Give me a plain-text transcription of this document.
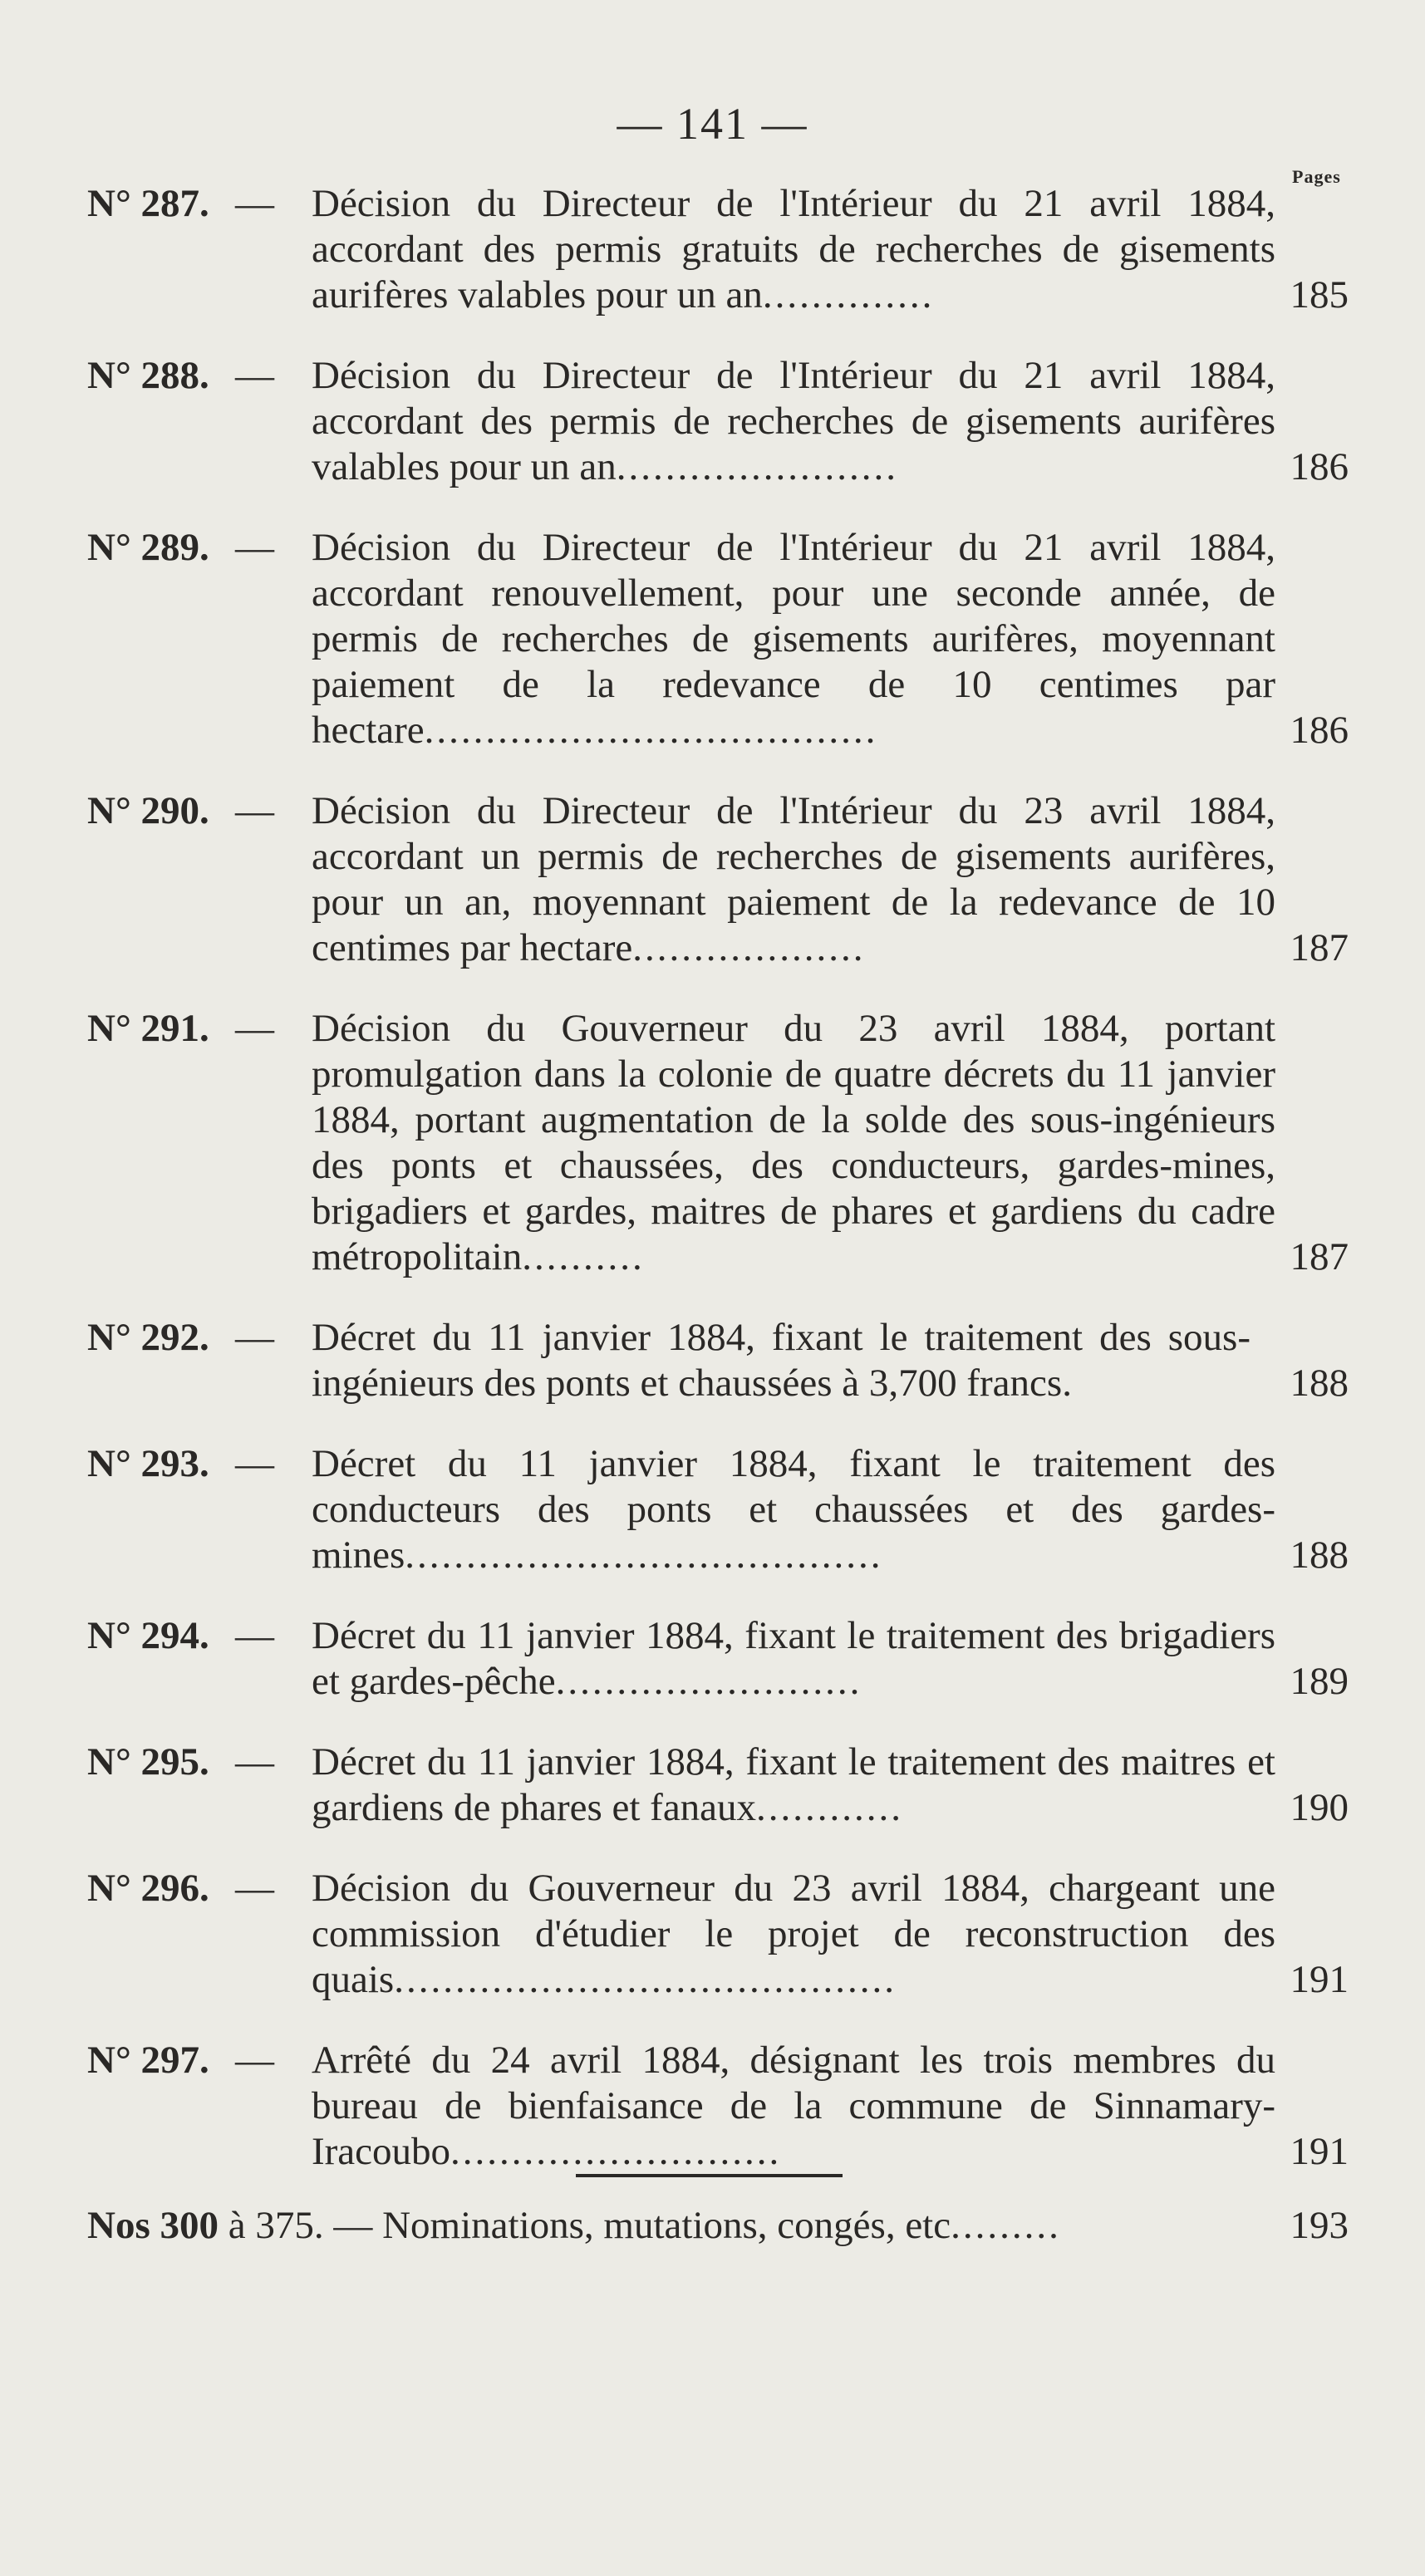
— 141 —
Pages
N° 287. — Décision du Directeur de l'Intérieur du 21 avril 1884, accordant des permis gratuits de recherches de gisements aurifères valables pour un an..............	185
N° 288. — Décision du Directeur de l'Intérieur du 21 avril 1884, accordant des permis de recherches de gisements aurifères valables pour un an.......................	186
N° 289. — Décision du Directeur de l'Intérieur du 21 avril 1884, accordant renouvellement, pour une seconde année, de permis de recherches de gisements aurifères, moyennant paiement de la redevance de 10 centimes par hectare.....................................	186
N° 290. — Décision du Directeur de l'Intérieur du 23 avril 1884, accordant un permis de recherches de gisements aurifères, pour un an, moyennant paiement de la redevance de 10 centimes par hectare...................	187
N° 291. — Décision du Gouverneur du 23 avril 1884, portant promulgation dans la colonie de quatre décrets du 11 janvier 1884, portant augmentation de la solde des sous-ingénieurs des ponts et chaussées, des conducteurs, gardes-mines, brigadiers et gardes, maitres de phares et gardiens du cadre métropolitain..........	187
N° 292. — Décret du 11 janvier 1884, fixant le traitement des sous-ingénieurs des ponts et chaussées à 3,700 francs.	188
N° 293. — Décret du 11 janvier 1884, fixant le traitement des conducteurs des ponts et chaussées et des gardes-mines.......................................	188
N° 294. — Décret du 11 janvier 1884, fixant le traitement des brigadiers et gardes-pêche.........................	189
N° 295. — Décret du 11 janvier 1884, fixant le traitement des maitres et gardiens de phares et fanaux............	190
N° 296. — Décision du Gouverneur du 23 avril 1884, chargeant une commission d'étudier le projet de reconstruction des quais.........................................	191
N° 297. — Arrêté du 24 avril 1884, désignant les trois membres du bureau de bienfaisance de la commune de Sinnamary-Iracoubo...........................	191
Nos 300 à 375. — Nominations, mutations, congés, etc.........	193
